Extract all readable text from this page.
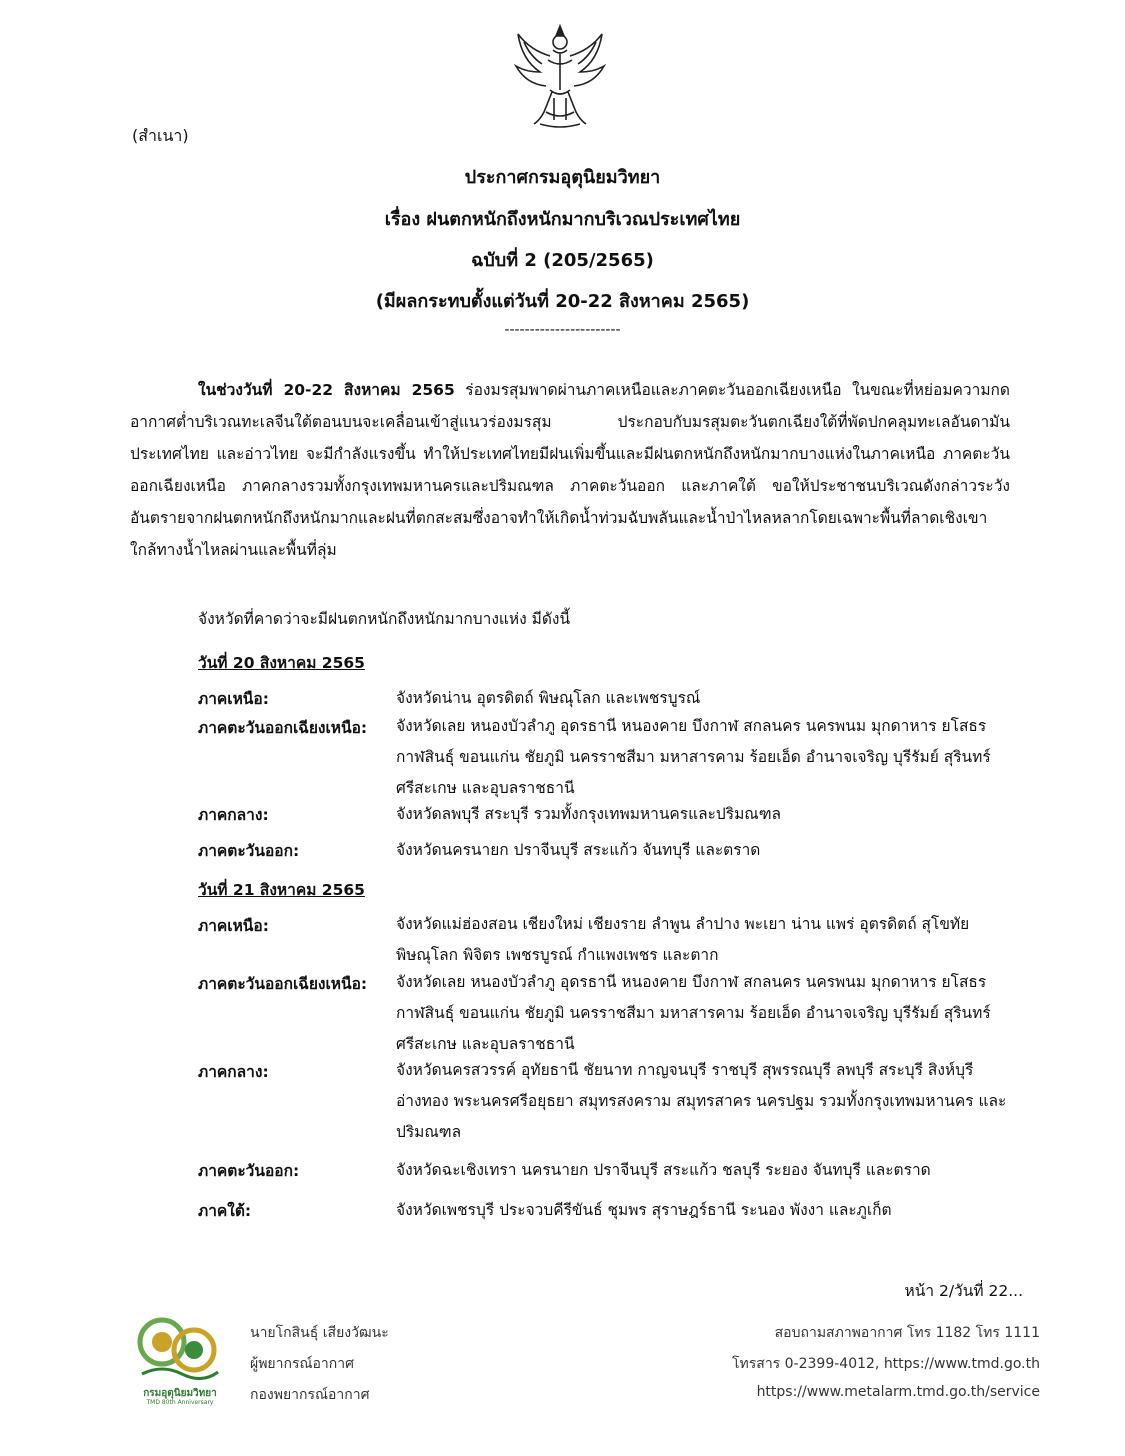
(สำเนา)
ประกาศกรมอุตุนิยมวิทยา
เรื่อง ฝนตกหนักถึงหนักมากบริเวณประเทศไทย
ฉบับที่ 2 (205/2565)
(มีผลกระทบตั้งแต่วันที่ 20-22 สิงหาคม 2565)
-----------------------
ในช่วงวันที่ 20-22 สิงหาคม 2565 ร่องมรสุมพาดผ่านภาคเหนือและภาคตะวันออกเฉียงเหนือ ในขณะที่หย่อมความกดอากาศต่ำบริเวณทะเลจีนใต้ตอนบนจะเคลื่อนเข้าสู่แนวร่องมรสุม ประกอบกับมรสุมตะวันตกเฉียงใต้ที่พัดปกคลุมทะเลอันดามัน ประเทศไทย และอ่าวไทย จะมีกำลังแรงขึ้น ทำให้ประเทศไทยมีฝนเพิ่มขึ้นและมีฝนตกหนักถึงหนักมากบางแห่งในภาคเหนือ ภาคตะวันออกเฉียงเหนือ ภาคกลางรวมทั้งกรุงเทพมหานครและปริมณฑล ภาคตะวันออก และภาคใต้ ขอให้ประชาชนบริเวณดังกล่าวระวังอันตรายจากฝนตกหนักถึงหนักมากและฝนที่ตกสะสมซึ่งอาจทำให้เกิดน้ำท่วมฉับพลันและน้ำป่าไหลหลากโดยเฉพาะพื้นที่ลาดเชิงเขาใกล้ทางน้ำไหลผ่านและพื้นที่ลุ่ม
จังหวัดที่คาดว่าจะมีฝนตกหนักถึงหนักมากบางแห่ง มีดังนี้
วันที่ 20 สิงหาคม 2565
ภาคเหนือ:	จังหวัดน่าน อุตรดิตถ์ พิษณุโลก และเพชรบูรณ์
ภาคตะวันออกเฉียงเหนือ:	จังหวัดเลย หนองบัวลำภู อุดรธานี หนองคาย บึงกาฬ สกลนคร นครพนม มุกดาหาร ยโสธร กาฬสินธุ์ ขอนแก่น ชัยภูมิ นครราชสีมา มหาสารคาม ร้อยเอ็ด อำนาจเจริญ บุรีรัมย์ สุรินทร์ ศรีสะเกษ และอุบลราชธานี
ภาคกลาง:	จังหวัดลพบุรี สระบุรี รวมทั้งกรุงเทพมหานครและปริมณฑล
ภาคตะวันออก:	จังหวัดนครนายก ปราจีนบุรี สระแก้ว จันทบุรี และตราด
วันที่ 21 สิงหาคม 2565
ภาคเหนือ:	จังหวัดแม่ฮ่องสอน เชียงใหม่ เชียงราย ลำพูน ลำปาง พะเยา น่าน แพร่ อุตรดิตถ์ สุโขทัย พิษณุโลก พิจิตร เพชรบูรณ์ กำแพงเพชร และตาก
ภาคตะวันออกเฉียงเหนือ:	จังหวัดเลย หนองบัวลำภู อุดรธานี หนองคาย บึงกาฬ สกลนคร นครพนม มุกดาหาร ยโสธร กาฬสินธุ์ ขอนแก่น ชัยภูมิ นครราชสีมา มหาสารคาม ร้อยเอ็ด อำนาจเจริญ บุรีรัมย์ สุรินทร์ ศรีสะเกษ และอุบลราชธานี
ภาคกลาง:	จังหวัดนครสวรรค์ อุทัยธานี ชัยนาท กาญจนบุรี ราชบุรี สุพรรณบุรี ลพบุรี สระบุรี สิงห์บุรี อ่างทอง พระนครศรีอยุธยา สมุทรสงคราม สมุทรสาคร นครปฐม รวมทั้งกรุงเทพมหานคร และปริมณฑล
ภาคตะวันออก:	จังหวัดฉะเชิงเทรา นครนายก ปราจีนบุรี สระแก้ว ชลบุรี ระยอง จันทบุรี และตราด
ภาคใต้:	จังหวัดเพชรบุรี ประจวบคีรีขันธ์ ชุมพร สุราษฎร์ธานี ระนอง พังงา และภูเก็ต
หน้า 2/วันที่ 22...
กรมอุตุนิยมวิทยา
TMD 80th Anniversary
นายโกสินธุ์ เสียงวัฒนะ
ผู้พยากรณ์อากาศ
กองพยากรณ์อากาศ
สอบถามสภาพอากาศ โทร 1182 โทร 1111
โทรสาร 0-2399-4012, https://www.tmd.go.th
https://www.metalarm.tmd.go.th/service
